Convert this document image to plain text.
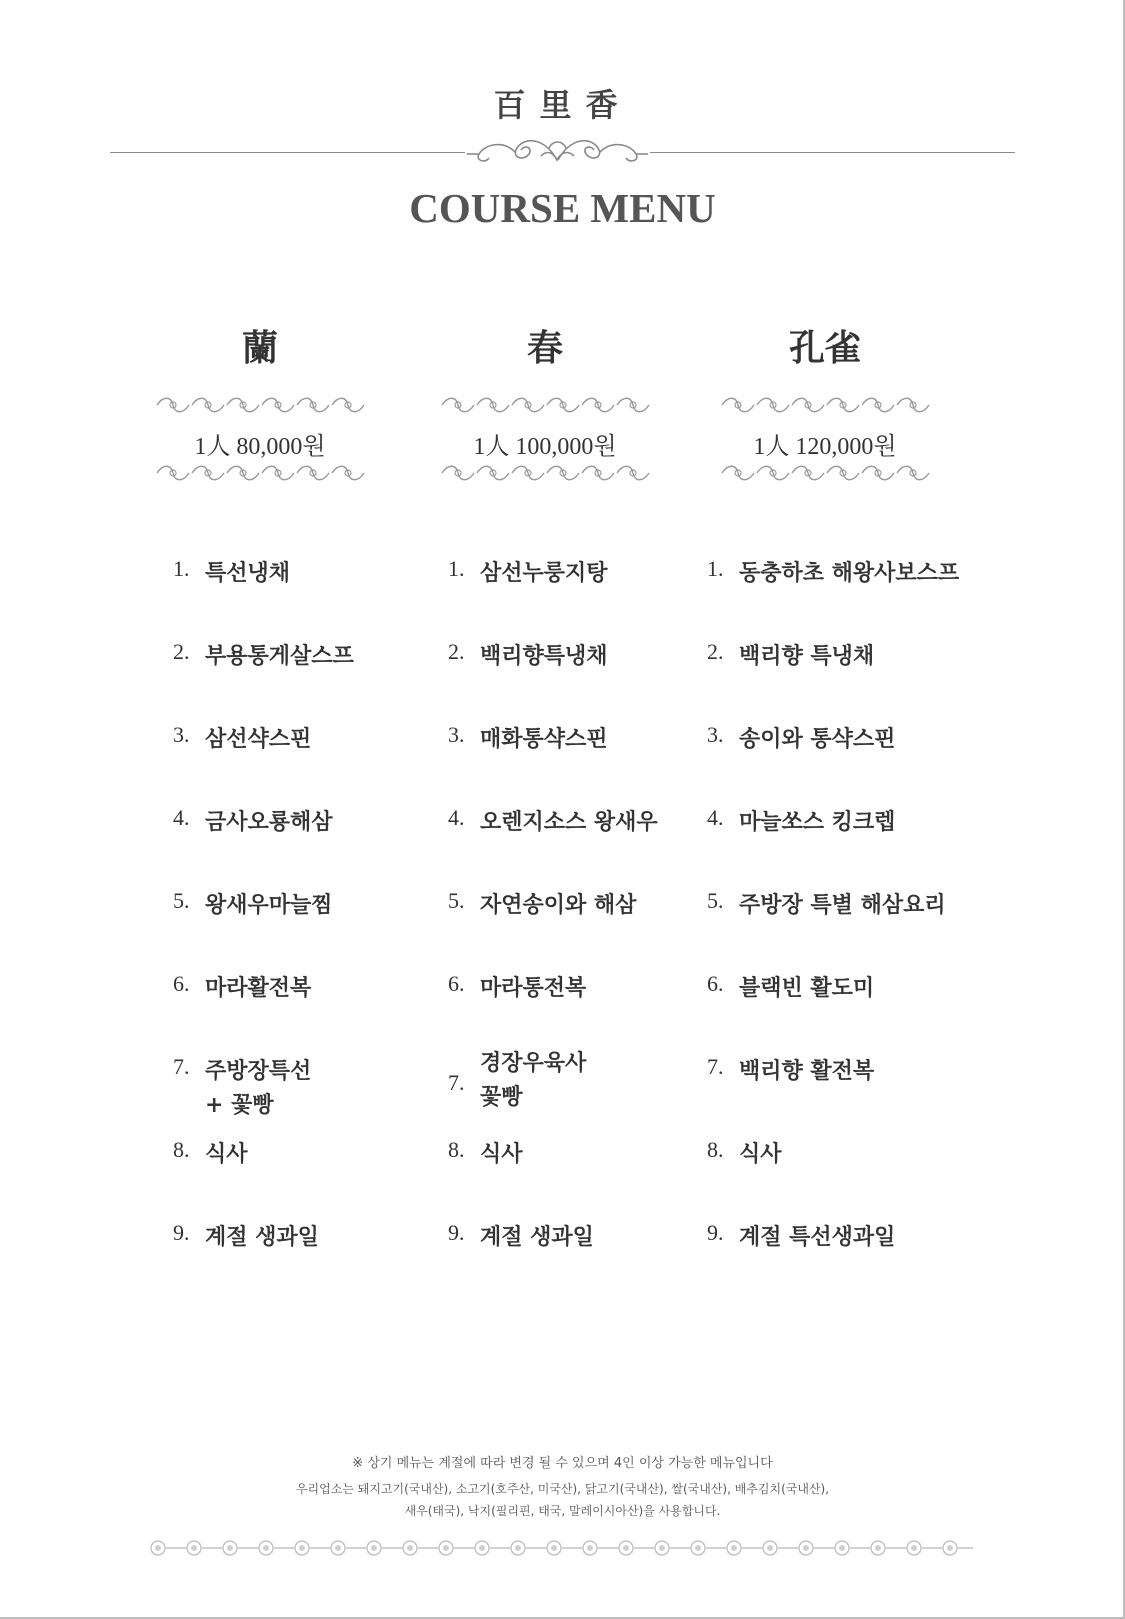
百里香
COURSE MENU
蘭
1人 80,000원
春
1人 100,000원
孔雀
1人 120,000원
1. 특선냉채
2. 부용통게살스프
3. 삼선샥스핀
4. 금사오룡해삼
5. 왕새우마늘찜
6. 마라활전복
7. 주방장특선
+ 꽃빵
8. 식사
9. 계절 생과일
1. 삼선누룽지탕
2. 백리향특냉채
3. 매화통샥스핀
4. 오렌지소스 왕새우
5. 자연송이와 해삼
6. 마라통전복
7.
경장우육사
꽃빵
8. 식사
9. 계절 생과일
1. 동충하초 해왕사보스프
2. 백리향 특냉채
3. 송이와 통샥스핀
4. 마늘쏘스 킹크렙
5. 주방장 특별 해삼요리
6. 블랙빈 활도미
7. 백리향 활전복
8. 식사
9. 계절 특선생과일
※ 상기 메뉴는 계절에 따라 변경 될 수 있으며 4인 이상 가능한 메뉴입니다
우리업소는 돼지고기(국내산), 소고기(호주산, 미국산), 닭고기(국내산), 쌀(국내산), 배추김치(국내산),
새우(태국), 낙지(필리핀, 태국, 말레이시아산)을 사용합니다.
